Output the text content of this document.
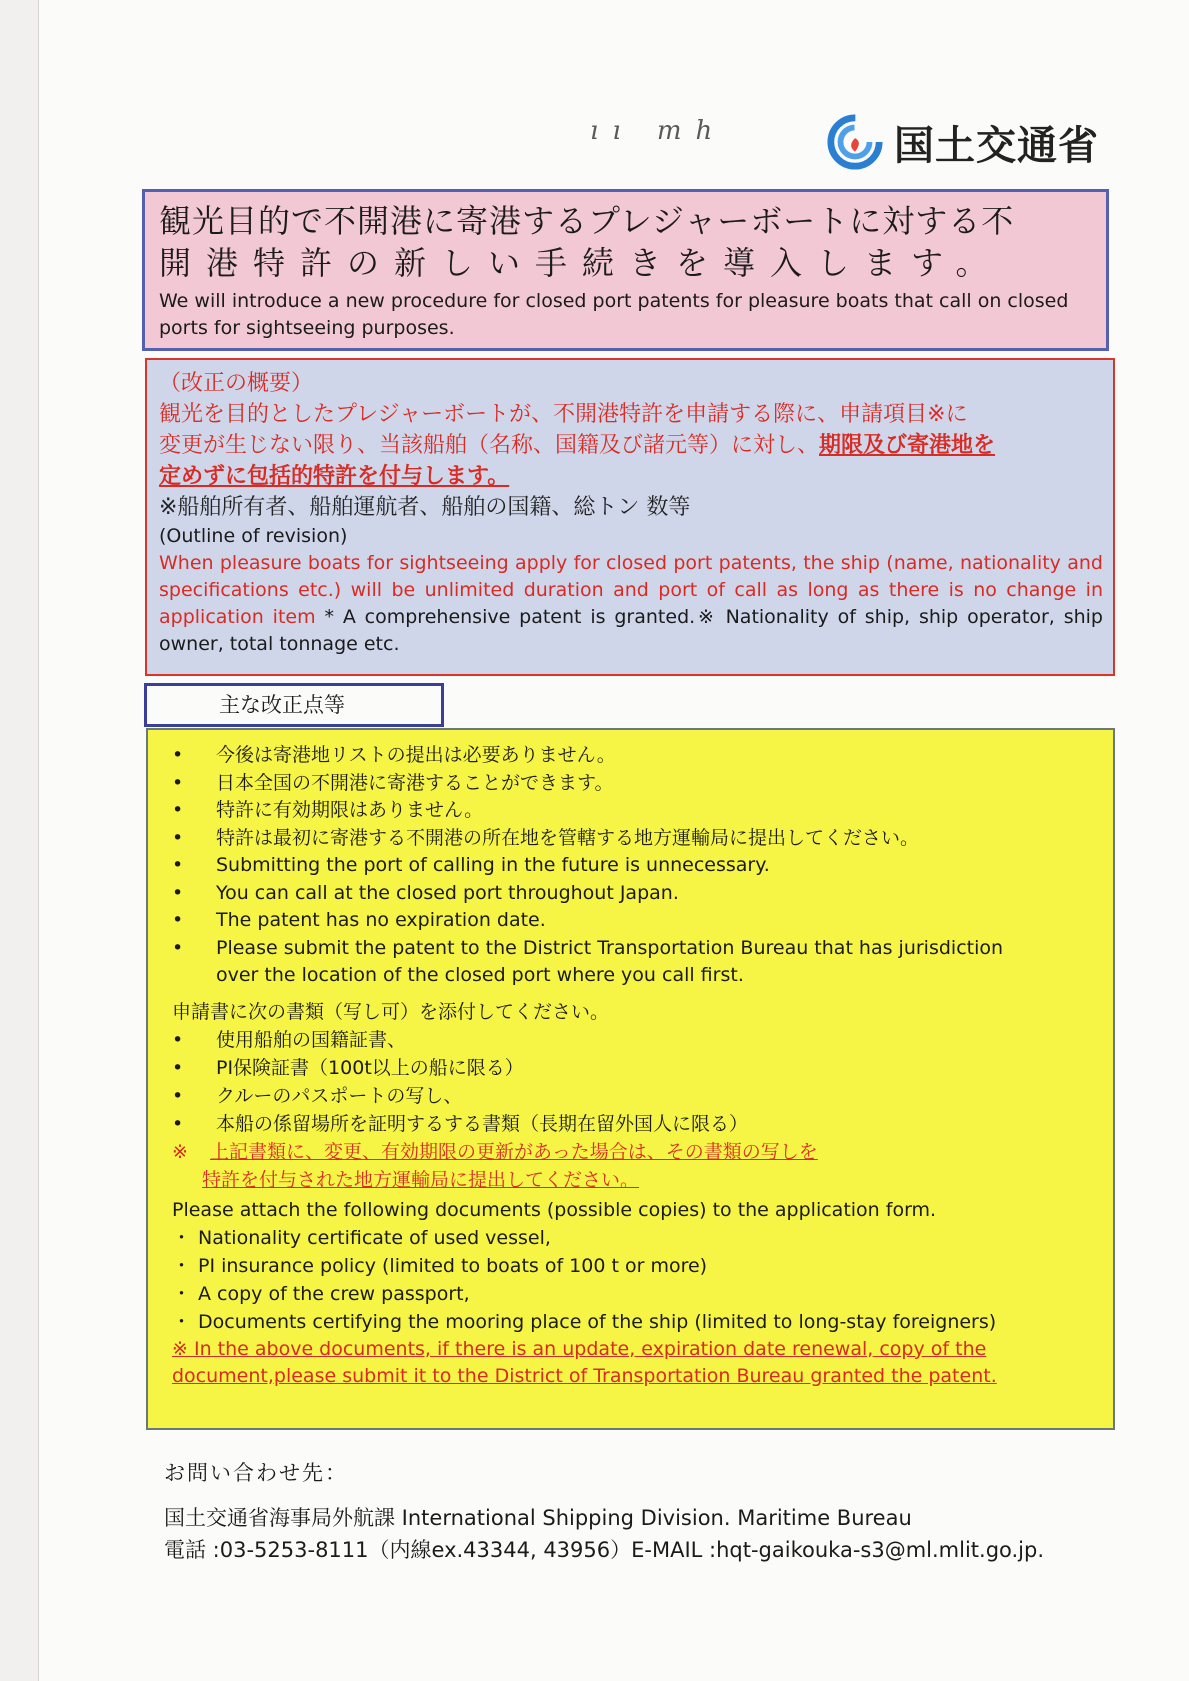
ıı mh	国土交通省
観光目的で不開港に寄港するプレジャーボートに対する不
開港特許の新しい手続きを導入します。
We will introduce a new procedure for closed port patents for pleasure boats that call on closed ports for sightseeing purposes.
（改正の概要）
観光を目的としたプレジャーボートが、不開港特許を申請する際に、申請項目※に
変更が生じない限り、当該船舶（名称、国籍及び諸元等）に対し、期限及び寄港地を
定めずに包括的特許を付与します。
※船舶所有者、船舶運航者、船舶の国籍、総トン 数等
(Outline of revision)
When pleasure boats for sightseeing apply for closed port patents, the ship (name, nationality and specifications etc.) will be unlimited duration and port of call as long as there is no change in application item * A comprehensive patent is granted.※ Nationality of ship, ship operator, ship owner, total tonnage etc.
主な改正点等
•	今後は寄港地リストの提出は必要ありません。
•	日本全国の不開港に寄港することができます。
•	特許に有効期限はありません。
•	特許は最初に寄港する不開港の所在地を管轄する地方運輸局に提出してください。
•	Submitting the port of calling in the future is unnecessary.
•	You can call at the closed port throughout Japan.
•	The patent has no expiration date.
•	Please submit the patent to the District Transportation Bureau that has jurisdiction over the location of the closed port where you call first.
申請書に次の書類（写し可）を添付してください。
•	使用船舶の国籍証書、
•	PI保険証書（100t以上の船に限る）
•	クルーのパスポートの写し、
•	本船の係留場所を証明するする書類（長期在留外国人に限る）
※ 上記書類に、変更、有効期限の更新があった場合は、その書類の写しを
特許を付与された地方運輸局に提出してください。
Please attach the following documents (possible copies) to the application form.
・ Nationality certificate of used vessel,
・ PI insurance policy (limited to boats of 100 t or more)
・ A copy of the crew passport,
・ Documents certifying the mooring place of the ship (limited to long-stay foreigners)
※ In the above documents, if there is an update, expiration date renewal, copy of the document,please submit it to the District of Transportation Bureau granted the patent.
お問い合わせ先：
国土交通省海事局外航課 International Shipping Division. Maritime Bureau
電話 :03-5253-8111（内線ex.43344, 43956）E-MAIL :hqt-gaikouka-s3@ml.mlit.go.jp.
